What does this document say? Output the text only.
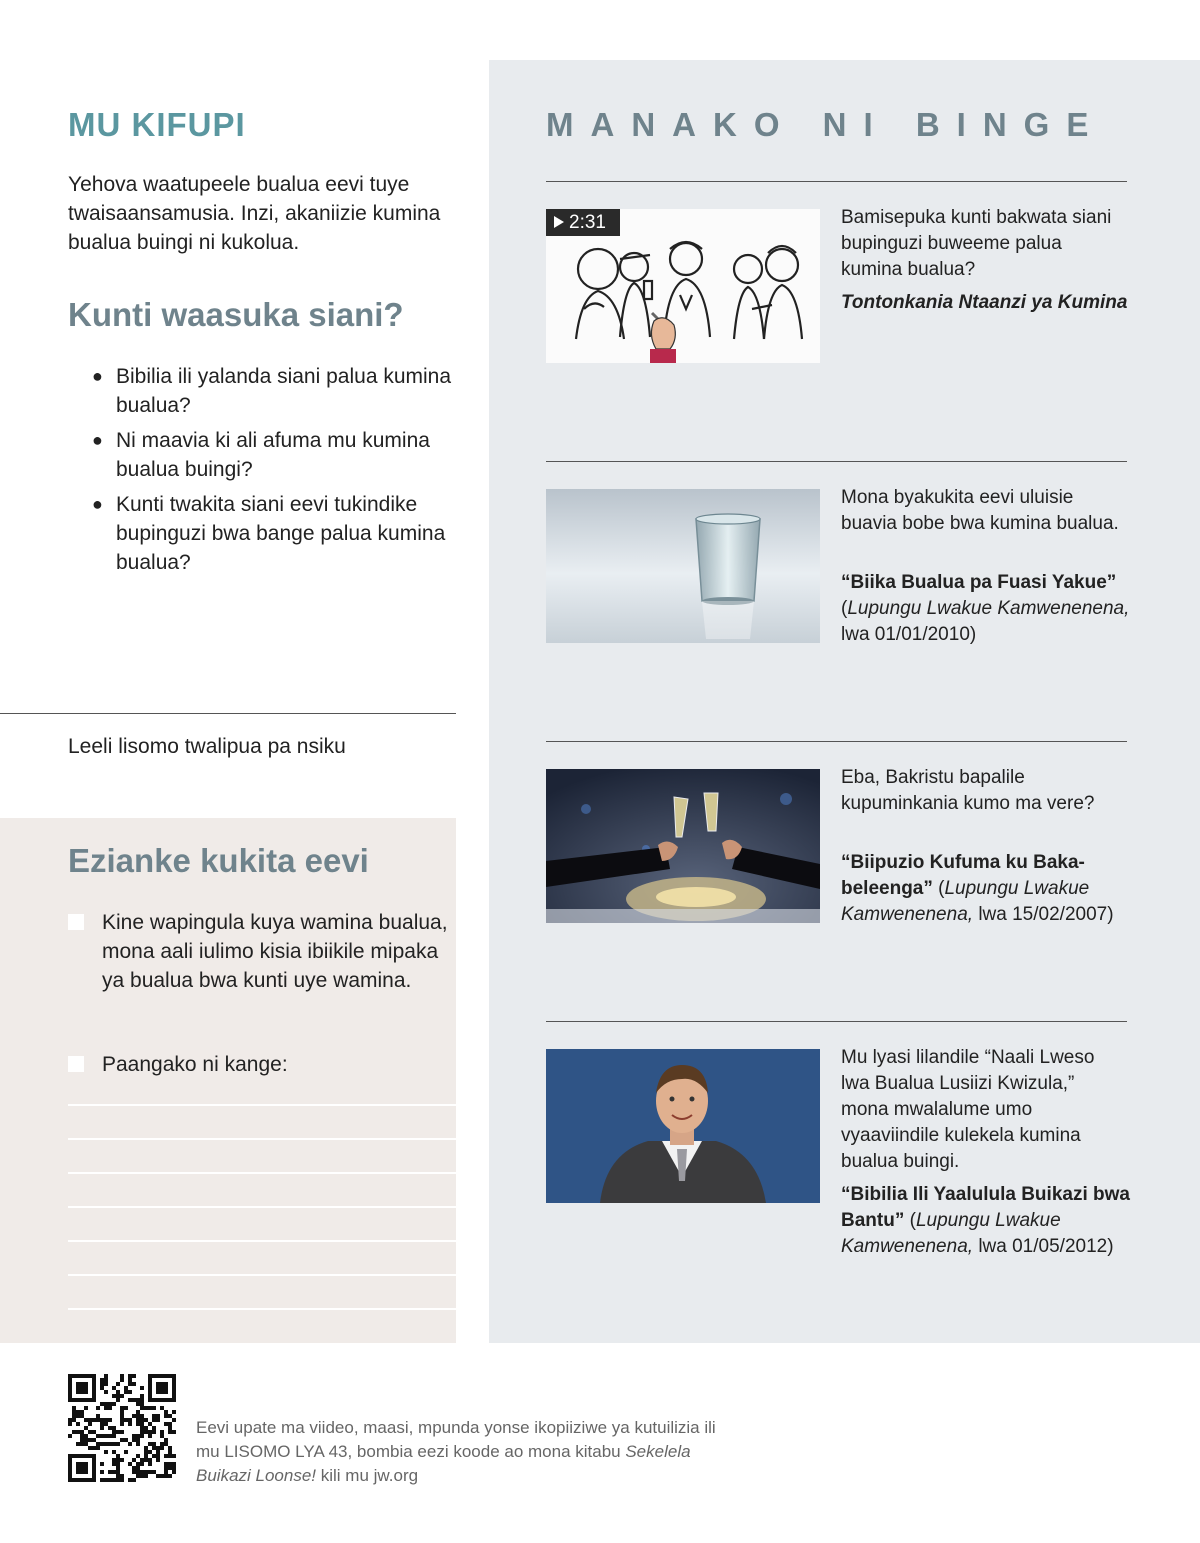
MU KIFUPI
Yehova waatupeele bualua eevi tuye twaisaansamusia. Inzi, akaniizie kumina bualua buingi ni kukolua.
Kunti waasuka siani?
● Bibilia ili yalanda siani palua kumina bualua?
● Ni maavia ki ali afuma mu kumina bualua buingi?
● Kunti twakita siani eevi tukindike bupinguzi bwa bange palua kumina bualua?
Leeli lisomo twalipua pa nsiku
Ezianke kukita eevi
Kine wapingula kuya wamina bualua, mona aali iulimo kisia ibiikile mipaka ya bualua bwa kunti uye wamina.
Paangako ni kange:
MANAKO NI BINGE
2:31	Bamisepuka kunti bakwata siani bupinguzi buweeme palua kumina bualua?
Tontonkania Ntaanzi ya Kumina
Mona byakukita eevi uluisie buavia bobe bwa kumina bualua.
“Biika Bualua pa Fuasi Yakue”
(Lupungu Lwakue Kamwenenena,
lwa 01/01/2010)
Eba, Bakristu bapalile kupuminkania kumo ma vere?
“Biipuzio Kufuma ku Baka-beleenga” (Lupungu Lwakue Kamwenenena, lwa 15/02/2007)
Mu lyasi lilandile “Naali Lweso lwa Bualua Lusiizi Kwizula,” mona mwalalume umo vyaaviindile kulekela kumina bualua buingi.
“Bibilia Ili Yaalulula Buikazi bwa Bantu” (Lupungu Lwakue Kamwenenena, lwa 01/05/2012)
Eevi upate ma viideo, maasi, mpunda yonse ikopiiziwe ya kutuilizia ili mu LISOMO LYA 43, bombia eezi koode ao mona kitabu Sekelela Buikazi Loonse! kili mu jw.org
